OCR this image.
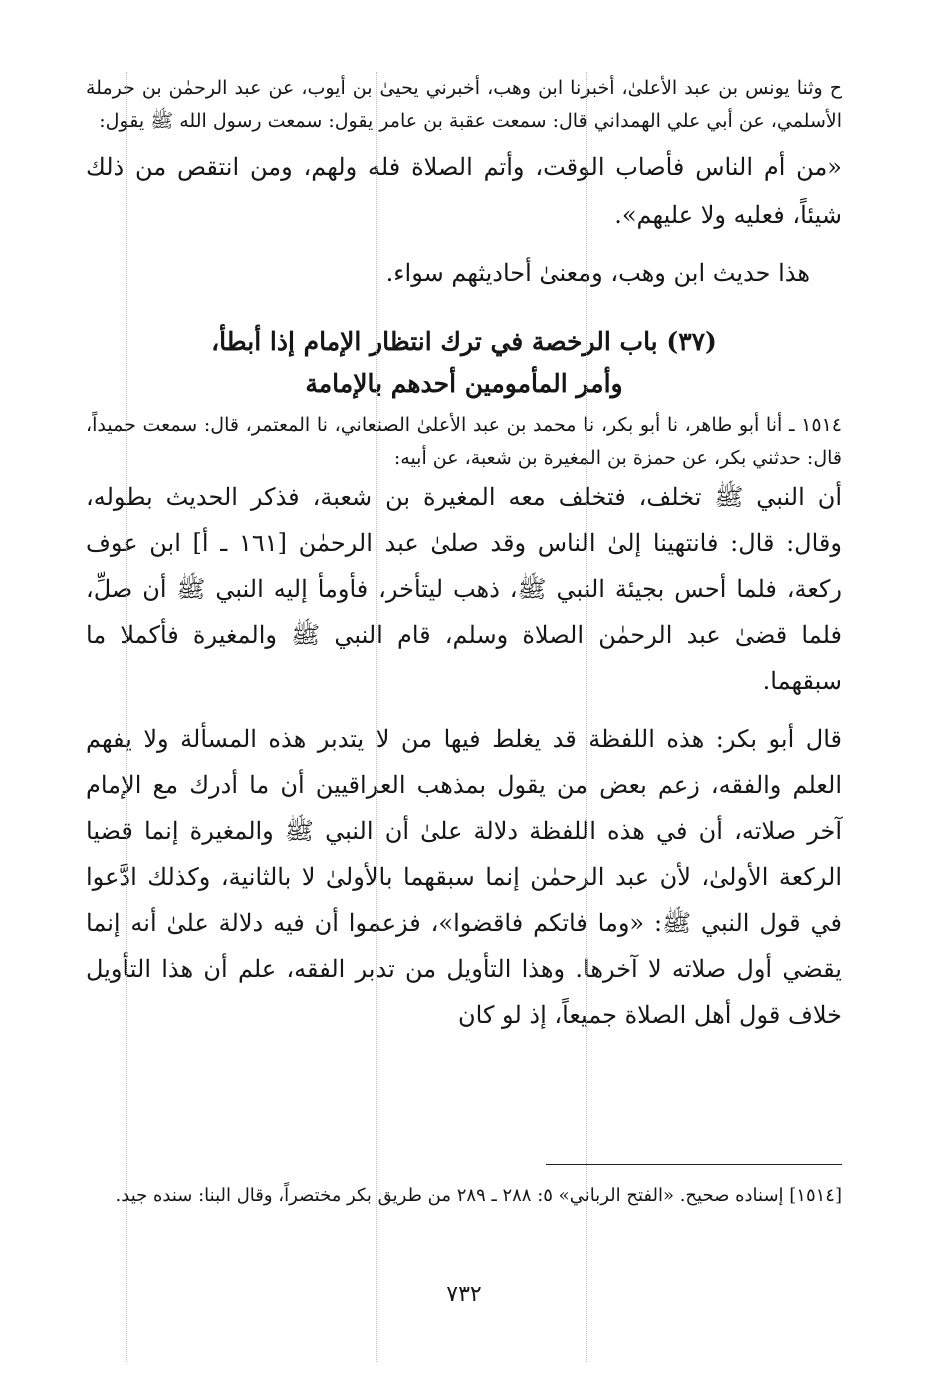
ح وثنا يونس بن عبد الأعلىٰ، أخبرنا ابن وهب، أخبرني يحيىٰ بن أيوب، عن عبد الرحمٰن بن حرملة الأسلمي، عن أبي علي الهمداني قال: سمعت عقبة بن عامر يقول: سمعت رسول الله ﷺ يقول:

«من أم الناس فأصاب الوقت، وأتم الصلاة فله ولهم، ومن انتقص من ذلك شيئاً، فعليه ولا عليهم».

هذا حديث ابن وهب، ومعنىٰ أحاديثهم سواء.

(٣٧) باب الرخصة في ترك انتظار الإمام إذا أبطأ،
وأمر المأمومين أحدهم بالإمامة

١٥١٤ ـ أنا أبو طاهر، نا أبو بكر، نا محمد بن عبد الأعلىٰ الصنعاني، نا المعتمر، قال: سمعت حميداً، قال: حدثني بكر، عن حمزة بن المغيرة بن شعبة، عن أبيه:

أن النبي ﷺ تخلف، فتخلف معه المغيرة بن شعبة، فذكر الحديث بطوله، وقال: قال: فانتهينا إلىٰ الناس وقد صلىٰ عبد الرحمٰن [١٦١ ـ أ] ابن عوف ركعة، فلما أحس بجيئة النبي ﷺ، ذهب ليتأخر، فأومأ إليه النبي ﷺ أن صلِّ، فلما قضىٰ عبد الرحمٰن الصلاة وسلم، قام النبي ﷺ والمغيرة فأكملا ما سبقهما.

قال أبو بكر: هذه اللفظة قد يغلط فيها من لا يتدبر هذه المسألة ولا يفهم العلم والفقه، زعم بعض من يقول بمذهب العراقيين أن ما أدرك مع الإمام آخر صلاته، أن في هذه اللفظة دلالة علىٰ أن النبي ﷺ والمغيرة إنما قضيا الركعة الأولىٰ، لأن عبد الرحمٰن إنما سبقهما بالأولىٰ لا بالثانية، وكذلك ادَّعوا في قول النبي ﷺ: «وما فاتكم فاقضوا»، فزعموا أن فيه دلالة علىٰ أنه إنما يقضي أول صلاته لا آخرها. وهذا التأويل من تدبر الفقه، علم أن هذا التأويل خلاف قول أهل الصلاة جميعاً، إذ لو كان

[١٥١٤] إسناده صحيح. «الفتح الرباني» ٥: ٢٨٨ ـ ٢٨٩ من طريق بكر مختصراً، وقال البنا: سنده جيد.

٧٣٢
